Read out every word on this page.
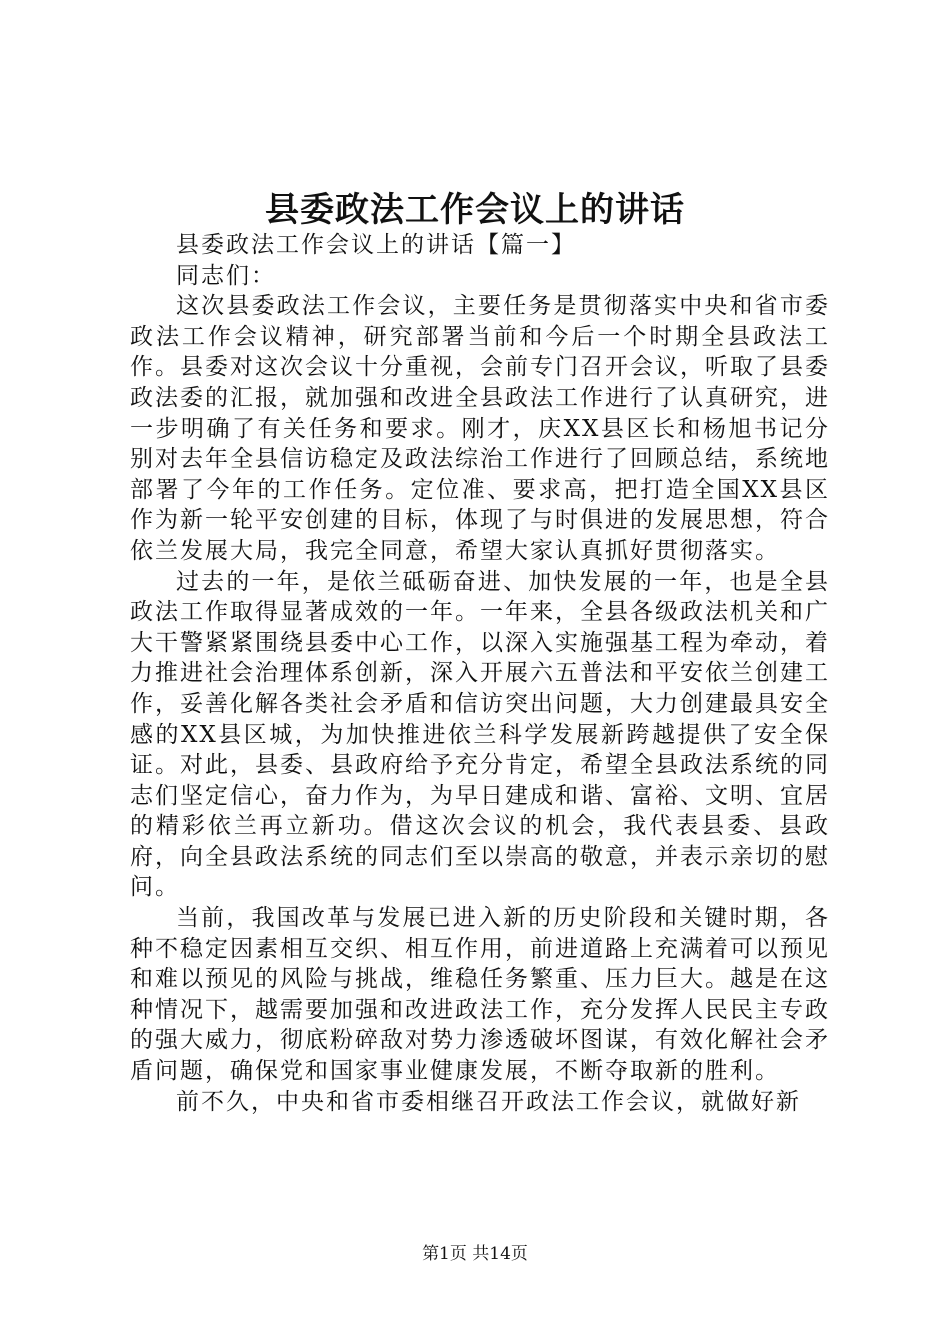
县委政法工作会议上的讲话

县委政法工作会议上的讲话【篇一】

同志们：

这次县委政法工作会议，主要任务是贯彻落实中央和省市委政法工作会议精神，研究部署当前和今后一个时期全县政法工作。县委对这次会议十分重视，会前专门召开会议，听取了县委政法委的汇报，就加强和改进全县政法工作进行了认真研究，进一步明确了有关任务和要求。刚才，庆XX县区长和杨旭书记分别对去年全县信访稳定及政法综治工作进行了回顾总结，系统地部署了今年的工作任务。定位准、要求高，把打造全国XX县区作为新一轮平安创建的目标，体现了与时俱进的发展思想，符合依兰发展大局，我完全同意，希望大家认真抓好贯彻落实。

过去的一年，是依兰砥砺奋进、加快发展的一年，也是全县政法工作取得显著成效的一年。一年来，全县各级政法机关和广大干警紧紧围绕县委中心工作，以深入实施强基工程为牵动，着力推进社会治理体系创新，深入开展六五普法和平安依兰创建工作，妥善化解各类社会矛盾和信访突出问题，大力创建最具安全感的XX县区城，为加快推进依兰科学发展新跨越提供了安全保证。对此，县委、县政府给予充分肯定，希望全县政法系统的同志们坚定信心，奋力作为，为早日建成和谐、富裕、文明、宜居的精彩依兰再立新功。借这次会议的机会，我代表县委、县政府，向全县政法系统的同志们至以崇高的敬意，并表示亲切的慰问。

当前，我国改革与发展已进入新的历史阶段和关键时期，各种不稳定因素相互交织、相互作用，前进道路上充满着可以预见和难以预见的风险与挑战，维稳任务繁重、压力巨大。越是在这种情况下，越需要加强和改进政法工作，充分发挥人民民主专政的强大威力，彻底粉碎敌对势力渗透破坏图谋，有效化解社会矛盾问题，确保党和国家事业健康发展，不断夺取新的胜利。

前不久，中央和省市委相继召开政法工作会议，就做好新

第1页 共14页
